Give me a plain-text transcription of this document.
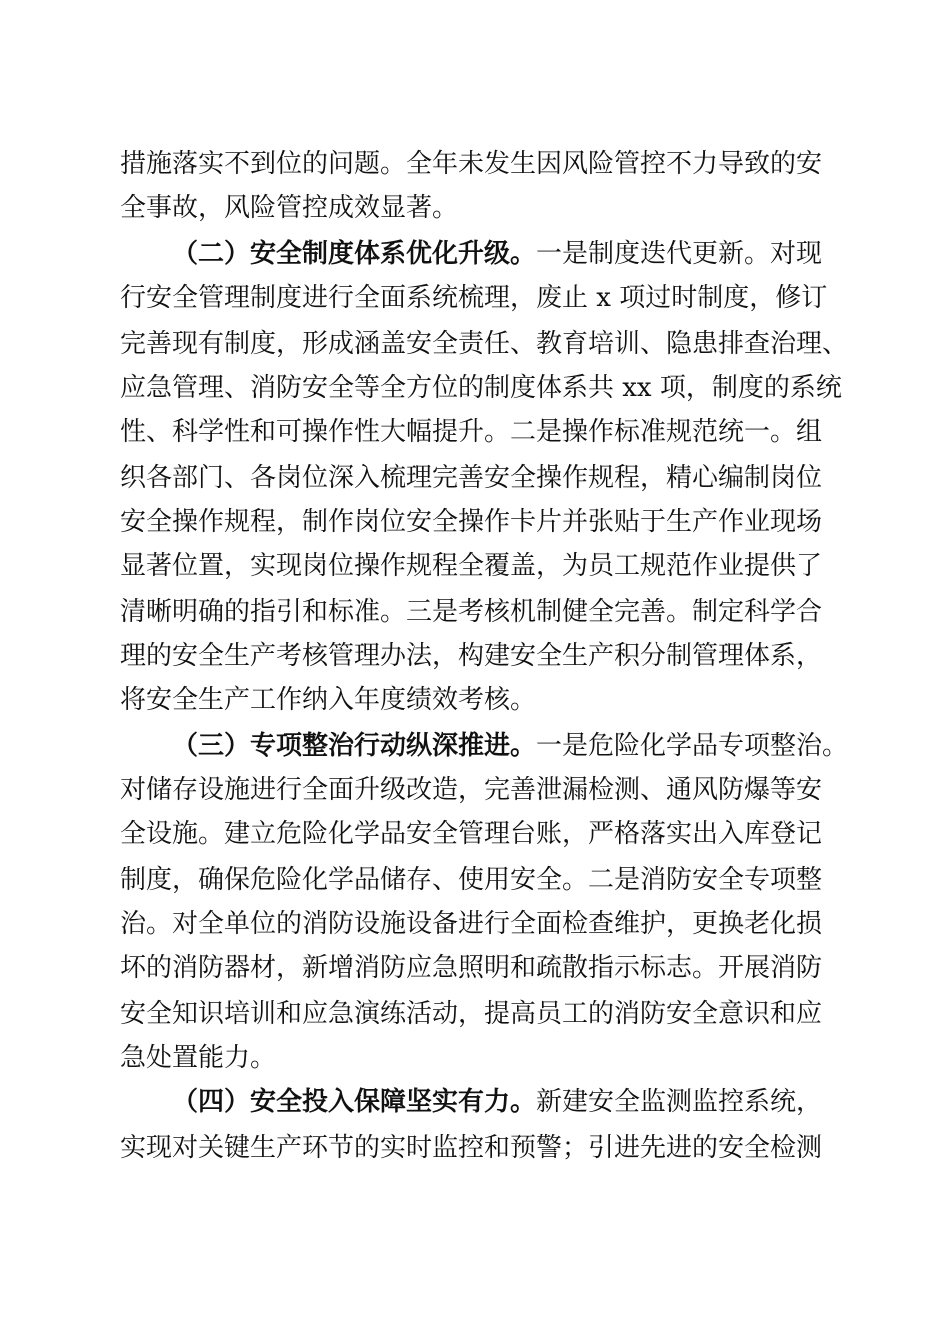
措施落实不到位的问题。全年未发生因风险管控不力导致的安
全事故，风险管控成效显著。
（二）安全制度体系优化升级。一是制度迭代更新。对现
行安全管理制度进行全面系统梳理，废止 x 项过时制度，修订
完善现有制度，形成涵盖安全责任、教育培训、隐患排查治理、
应急管理、消防安全等全方位的制度体系共 xx 项，制度的系统
性、科学性和可操作性大幅提升。二是操作标准规范统一。组
织各部门、各岗位深入梳理完善安全操作规程，精心编制岗位
安全操作规程，制作岗位安全操作卡片并张贴于生产作业现场
显著位置，实现岗位操作规程全覆盖，为员工规范作业提供了
清晰明确的指引和标准。三是考核机制健全完善。制定科学合
理的安全生产考核管理办法，构建安全生产积分制管理体系，
将安全生产工作纳入年度绩效考核。
（三）专项整治行动纵深推进。一是危险化学品专项整治。
对储存设施进行全面升级改造，完善泄漏检测、通风防爆等安
全设施。建立危险化学品安全管理台账，严格落实出入库登记
制度，确保危险化学品储存、使用安全。二是消防安全专项整
治。对全单位的消防设施设备进行全面检查维护，更换老化损
坏的消防器材，新增消防应急照明和疏散指示标志。开展消防
安全知识培训和应急演练活动，提高员工的消防安全意识和应
急处置能力。
（四）安全投入保障坚实有力。新建安全监测监控系统，
实现对关键生产环节的实时监控和预警；引进先进的安全检测
